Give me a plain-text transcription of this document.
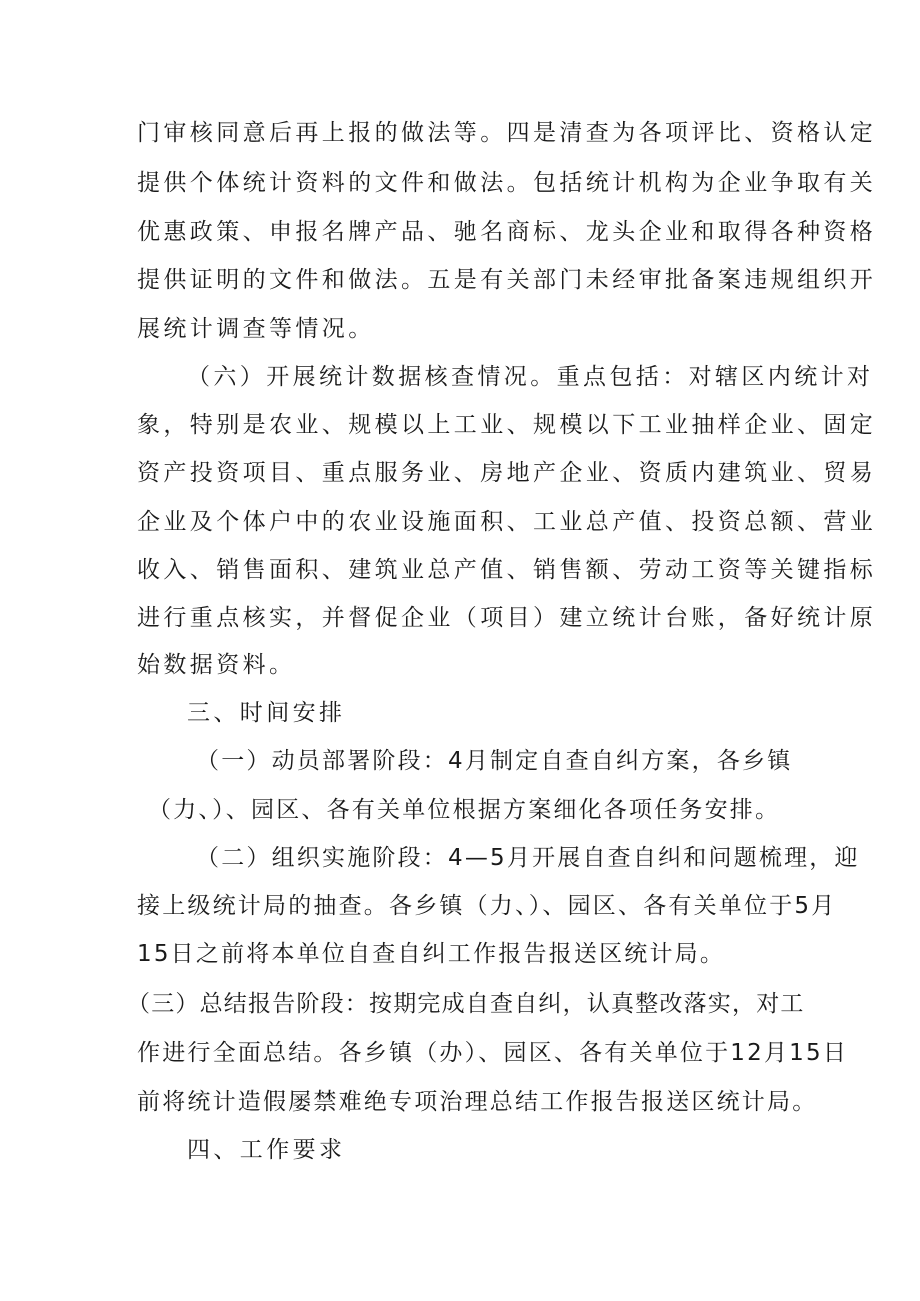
门审核同意后再上报的做法等。四是清查为各项评比、资格认定
提供个体统计资料的文件和做法。包括统计机构为企业争取有关
优惠政策、申报名牌产品、驰名商标、龙头企业和取得各种资格
提供证明的文件和做法。五是有关部门未经审批备案违规组织开
展统计调查等情况。
（六）开展统计数据核查情况。重点包括：对辖区内统计对
象，特别是农业、规模以上工业、规模以下工业抽样企业、固定
资产投资项目、重点服务业、房地产企业、资质内建筑业、贸易
企业及个体户中的农业设施面积、工业总产值、投资总额、营业
收入、销售面积、建筑业总产值、销售额、劳动工资等关键指标
进行重点核实，并督促企业（项目）建立统计台账，备好统计原
始数据资料。
三、时间安排
（一）动员部署阶段：4月制定自查自纠方案，各乡镇
（力、）、园区、各有关单位根据方案细化各项任务安排。
（二）组织实施阶段：4—5月开展自查自纠和问题梳理，迎
接上级统计局的抽查。各乡镇（力、）、园区、各有关单位于5月
15日之前将本单位自查自纠工作报告报送区统计局。
（三）总结报告阶段：按期完成自查自纠，认真整改落实，对工
作进行全面总结。各乡镇（办）、园区、各有关单位于12月15日
前将统计造假屡禁难绝专项治理总结工作报告报送区统计局。
四、工作要求
